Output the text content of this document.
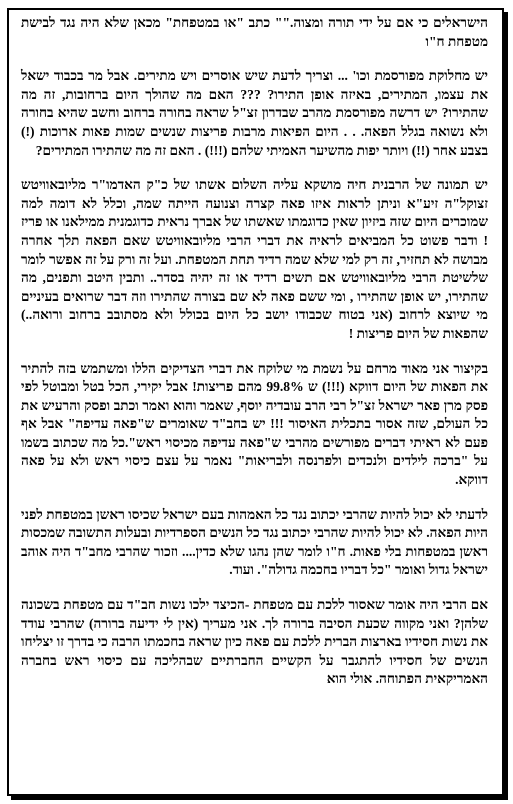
הישראלים כי אם על ידי תורה ומצוה."" כתב "או במטפחת" מכאן שלא היה נגד לבישת מטפחת ח"ו

יש מחלוקת מפורסמת וכו' ... וצריך לדעת שיש אוסרים ויש מתירים. אבל מר בכבוד ישאל את עצמו, המתירים, באיזה אופן התירו? ??? האם מה שהולך היום ברחובות, זה מה שהתירו? יש דרשה מפורסמת מהרב שבדרון זצ"ל שראה בחורה ברחוב וחשב שהיא בחורה ולא נשואה בגלל הפאה. . . היום הפיאות מרבות פריצות שנשים שמות פאות ארוכות (!) בצבע אחר (!!) ויותר יפות מהשיער האמיתי שלהם (!!!) . האם זה מה שהתירו המתירים?

יש תמונה של הרבנית חיה מושקא עליה השלום אשתו של כ"ק האדמו"ר מליובאוויטש זצוקל"ה זיע"א וניתן לראות איזו פאה קצרה וצנועה הייתה שמה, וכלל לא דומה למה שמוכרים היום שזה ביזיון שאין כדוגמתו שאשתו של אברך נראית כדוגמנית ממילאנו או פריז ! ודבר פשוט כל המביאים לראיה את דברי הרבי מליובאוויטש שאם הפאה תלך אחרה מבושה לא תחזיר, זה רק למי שלא שמה רדיד תחת המטפחת. ועל זה ורק על זה אפשר לומר שלשיטת הרבי מליובאוויטש אם תשים רדיד או זה יהיה בסדר.. ותבין היטב ותפנים, מה שהתירו, יש אופן שהתירו , ומי ששם פאה לא שם בצורה שהתירו וזה דבר שרואים בעיניים מי שיוצא לרחוב (אני בטוח שכבודו יושב כל היום בכולל ולא מסתובב ברחוב ורואה..) שהפאות של היום פריצות !

בקיצור אני מאוד מרחם על נשמת מי שלוקח את דברי הצדיקים הללו ומשתמש בזה להתיר את הפאות של היום דווקא (!!!) ש 99.8% מהם פריצות! אבל יקירי, הכל בטל ומבוטל לפי פסק מרן פאר ישראל זצ"ל רבי הרב עובדיה יוסף, שאמר והוא ואמר וכתב ופסק והרעיש את כל העולם, שזה אסור בתכלית האיסור !!! יש בחב"ד שאומרים ש"פאה עדיפה" אבל אף פעם לא ראיתי דברים מפורשים מהרבי ש"פאה עדיפה מכיסוי ראש".כל מה שכתוב בשמו על "ברכה לילדים ולנכדים ולפרנסה ולבריאות" נאמר על עצם כיסוי ראש ולא על פאה דווקא.

לדעתי לא יכול להיות שהרבי יכתוב נגד כל האמהות בעם ישראל שכיסו ראשן במטפחת לפני היות הפאה. לא יכול להיות שהרבי יכתוב נגד כל הנשים הספרדיות ובעלות התשובה שמכסות ראשן במטפחות בלי פאות. ח"ו לומר שהן נהגו שלא כדין.... וזכור שהרבי מחב"ד היה אוהב ישראל גדול ואומר "כל דבריו בחכמה גדולה". ועוד.

אם הרבי היה אומר שאסור ללכת עם מטפחת -הכיצד ילכו נשות חב"ד עם מטפחת בשכונה שלהן? ואני מקווה שכעת הסיבה ברורה לך. אני מעריך (אין לי ידיעה ברורה) שהרבי עודד את נשות חסידיו בארצות הברית ללכת עם פאה כיון שראה בחכמתו הרבה כי בדרך זו יצליחו הנשים של חסידיו להתגבר על הקשיים החברתיים שבהליכה עם כיסוי ראש בחברה האמריקאית הפתוחה. אולי הוא
